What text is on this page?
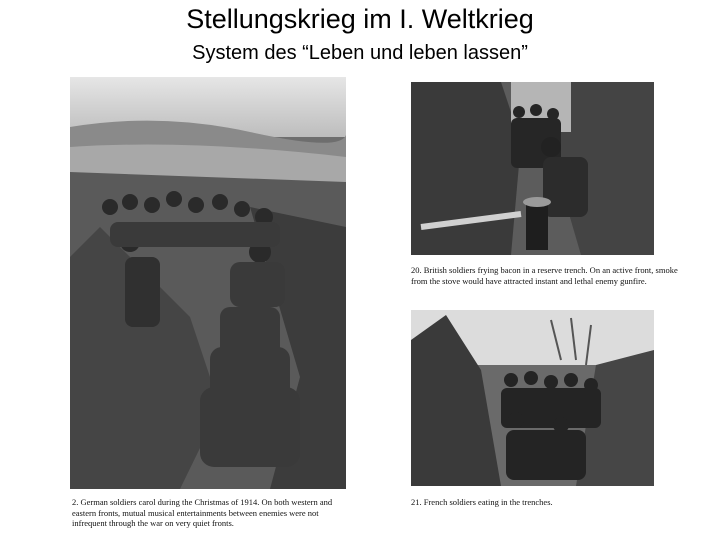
Stellungskrieg im I. Weltkrieg
System des “Leben und leben lassen”
2. German soldiers carol during the Christmas of 1914. On both western and eastern fronts, mutual musical entertainments between enemies were not infrequent through the war on very quiet fronts.
20. British soldiers frying bacon in a reserve trench. On an active front, smoke from the stove would have attracted instant and lethal enemy gunfire.
21. French soldiers eating in the trenches.
